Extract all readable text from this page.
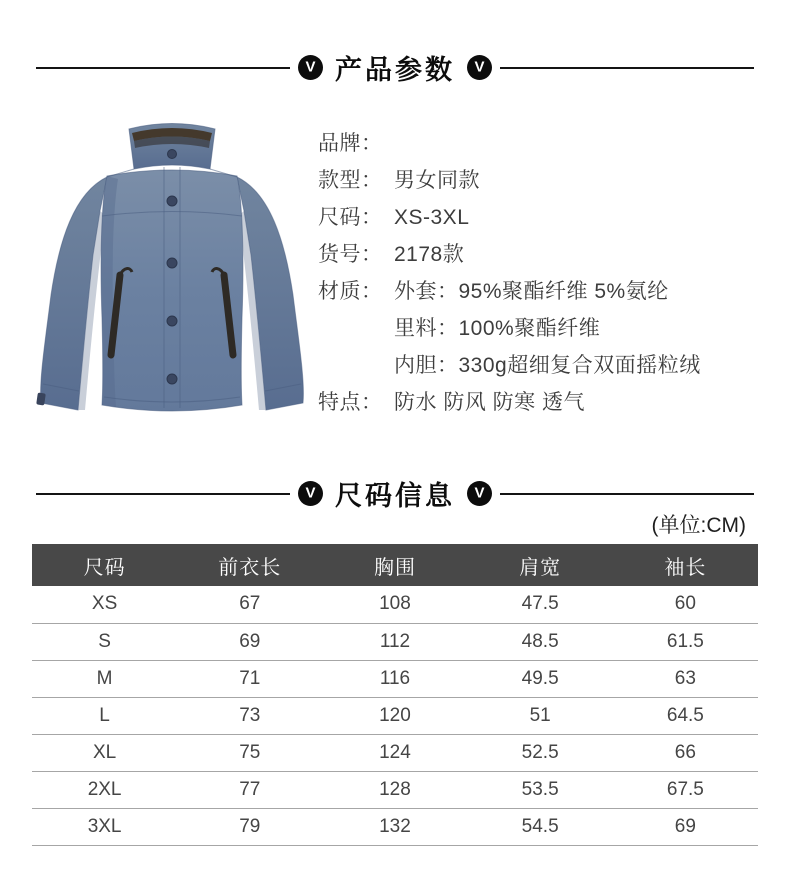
V 产品参数 V
品牌：
款型： 男女同款
尺码： XS-3XL
货号： 2178款
材质： 外套：95%聚酯纤维 5%氨纶
里料：100%聚酯纤维
内胆：330g超细复合双面摇粒绒
特点： 防水 防风 防寒 透气
V 尺码信息 V
(单位:CM)
尺码	前衣长	胸围	肩宽	袖长
XS	67	108	47.5	60
S	69	112	48.5	61.5
M	71	116	49.5	63
L	73	120	51	64.5
XL	75	124	52.5	66
2XL	77	128	53.5	67.5
3XL	79	132	54.5	69
